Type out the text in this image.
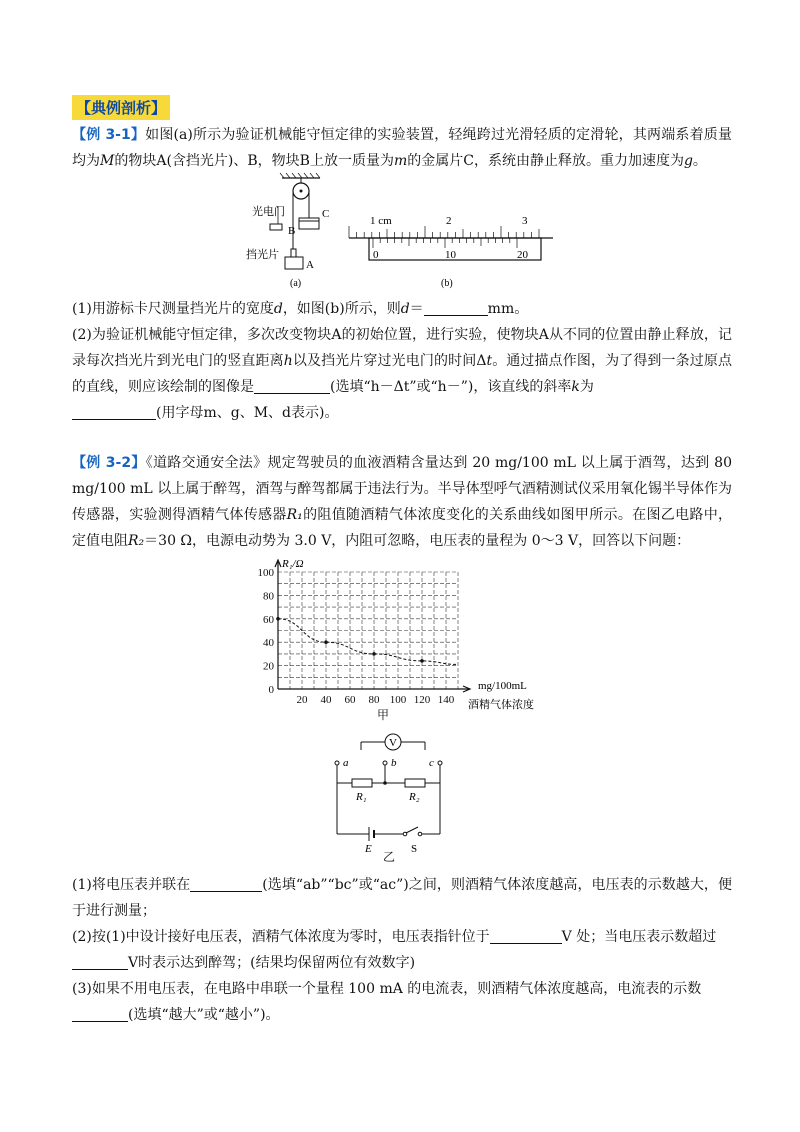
【典例剖析】
【例 3-1】如图(a)所示为验证机械能守恒定律的实验装置，轻绳跨过光滑轻质的定滑轮，其两端系着质量均为M的物块A(含挡光片)、B，物块B上放一质量为m的金属片C，系统由静止释放。重力加速度为g。
C
B
光电门
挡光片
A
(a)
1 cm	2	3
0	10	20
(b)
(1)用游标卡尺测量挡光片的宽度d，如图(b)所示，则d＝	mm。
(2)为验证机械能守恒定律，多次改变物块A的初始位置，进行实验，使物块A从不同的位置由静止释放，记录每次挡光片到光电门的竖直距离h以及挡光片穿过光电门的时间Δt。通过描点作图，为了得到一条过原点的直线，则应该绘制的图像是	(选填“h－Δt”或“h－”)，该直线的斜率k为
(用字母m、g、M、d表示)。
【例 3-2】《道路交通安全法》规定驾驶员的血液酒精含量达到 20 mg/100 mL 以上属于酒驾，达到 80 mg/100 mL 以上属于醉驾，酒驾与醉驾都属于违法行为。半导体型呼气酒精测试仪采用氧化锡半导体作为传感器，实验测得酒精气体传感器R₁的阻值随酒精气体浓度变化的关系曲线如图甲所示。在图乙电路中，定值电阻R₂＝30 Ω，电源电动势为 3.0 V，内阻可忽略，电压表的量程为 0～3 V，回答以下问题：
0
20
40
60
80
100
20 40 60 80 100 120 140
R₁/Ω
mg/100mL
酒精气体浓度
甲
a	b	c
R₁	R₂
V
E	S
乙
(1)将电压表并联在	(选填“ab”“bc”或“ac”)之间，则酒精气体浓度越高，电压表的示数越大，便于进行测量；
(2)按(1)中设计接好电压表，酒精气体浓度为零时，电压表指针位于	V 处；当电压表示数超过
V时表示达到醉驾；(结果均保留两位有效数字)
(3)如果不用电压表，在电路中串联一个量程 100 mA 的电流表，则酒精气体浓度越高，电流表的示数
(选填“越大”或“越小”)。
